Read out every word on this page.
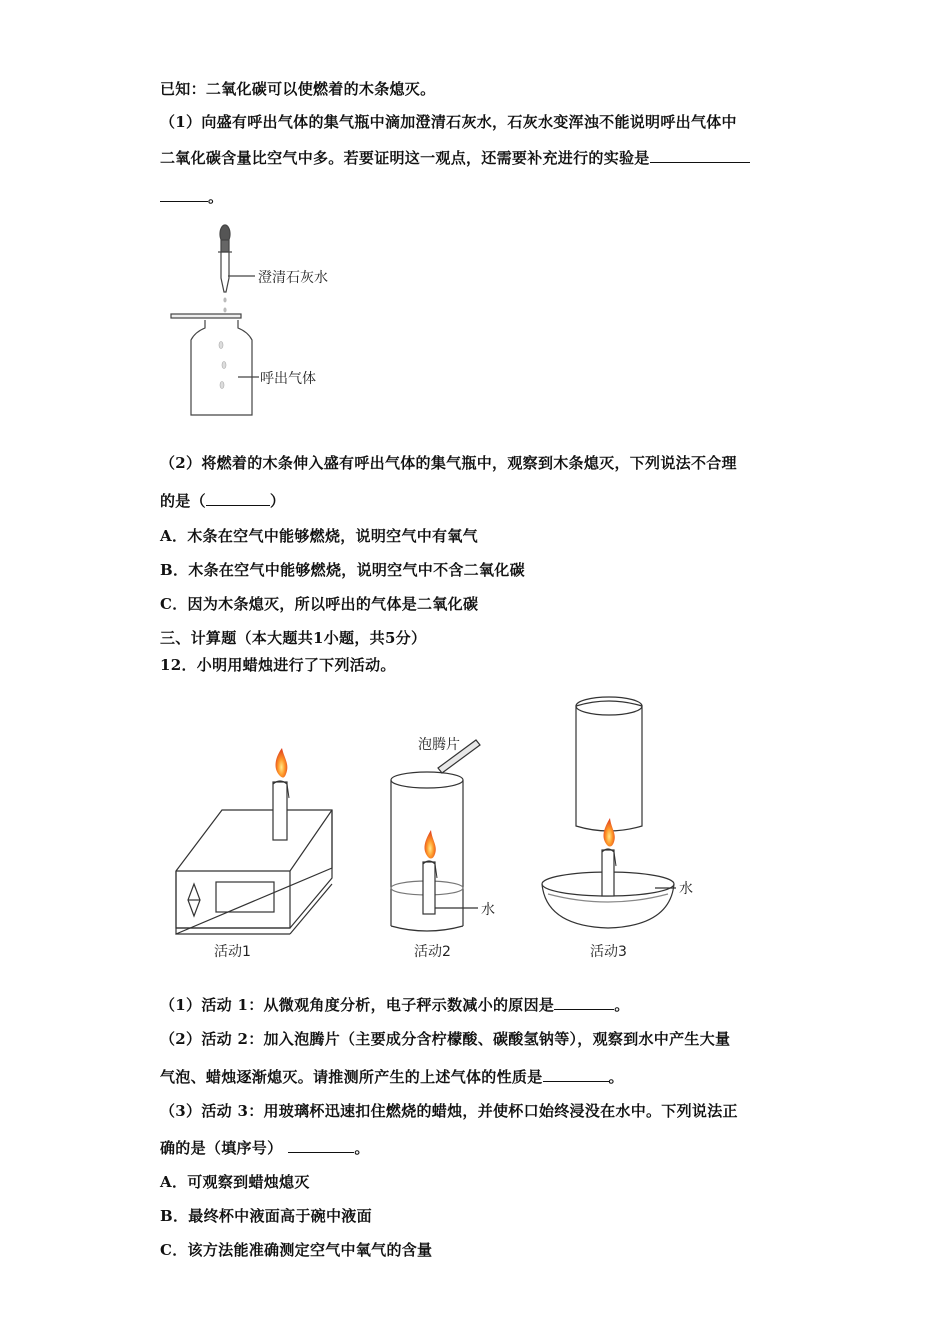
已知：二氧化碳可以使燃着的木条熄灭。
（1）向盛有呼出气体的集气瓶中滴加澄清石灰水，石灰水变浑浊不能说明呼出气体中
二氧化碳含量比空气中多。若要证明这一观点，还需要补充进行的实验是
。
澄清石灰水
呼出气体
（2）将燃着的木条伸入盛有呼出气体的集气瓶中，观察到木条熄灭，下列说法不合理
的是（	）
A．木条在空气中能够燃烧，说明空气中有氧气
B．木条在空气中能够燃烧，说明空气中不含二氧化碳
C．因为木条熄灭，所以呼出的气体是二氧化碳
三、计算题（本大题共1小题，共5分）
12．小明用蜡烛进行了下列活动。
泡腾片
水
水
活动1	活动2	活动3
（1）活动 1：从微观角度分析，电子秤示数减小的原因是	。
（2）活动 2：加入泡腾片（主要成分含柠檬酸、碳酸氢钠等），观察到水中产生大量
气泡、蜡烛逐渐熄灭。请推测所产生的上述气体的性质是	。
（3）活动 3：用玻璃杯迅速扣住燃烧的蜡烛，并使杯口始终浸没在水中。下列说法正
确的是（填序号）	。
A．可观察到蜡烛熄灭
B．最终杯中液面高于碗中液面
C．该方法能准确测定空气中氧气的含量
